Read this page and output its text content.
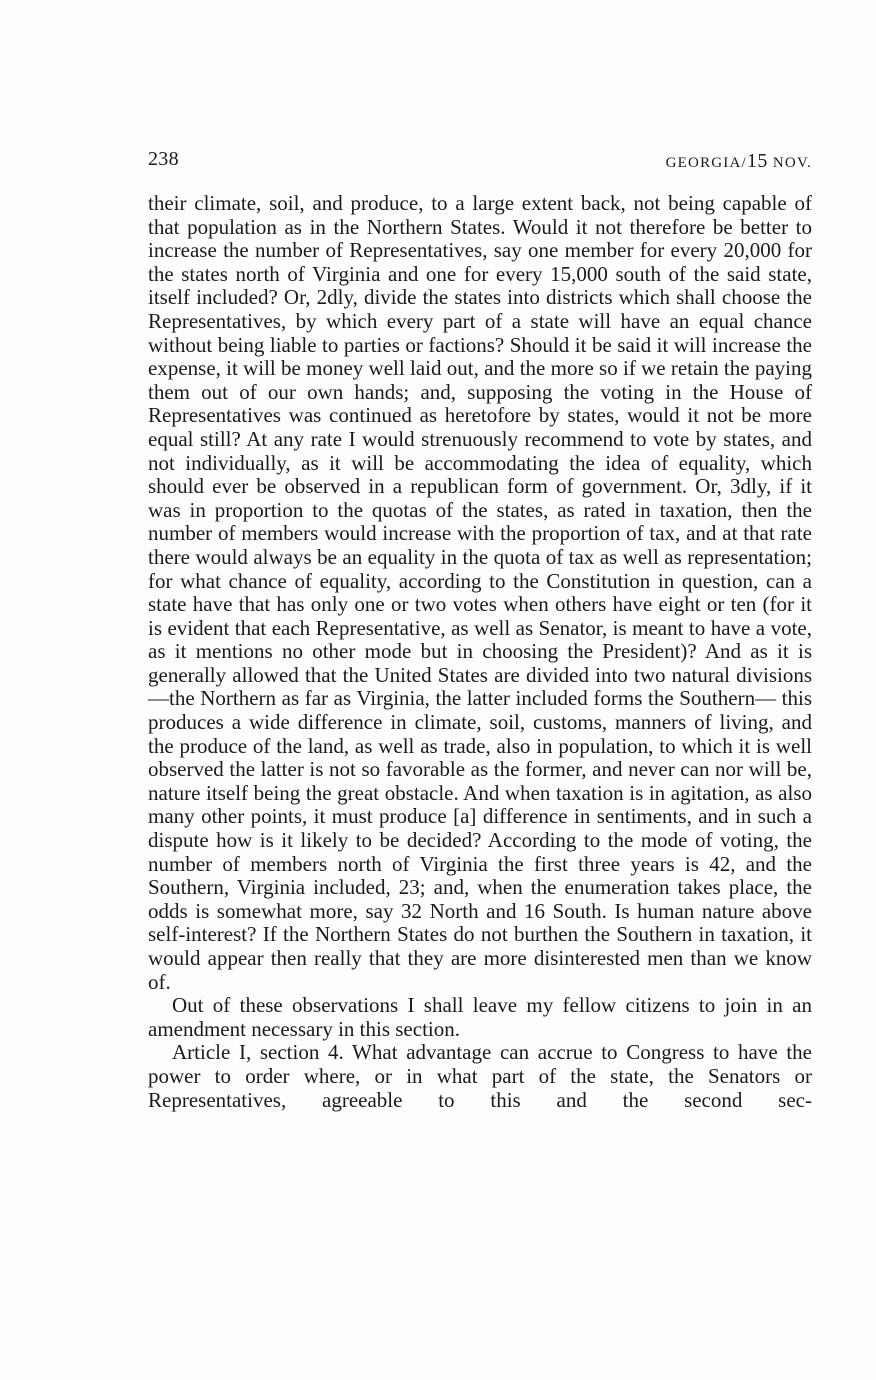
238	GEORGIA/15 NOV.

their climate, soil, and produce, to a large extent back, not being capable of that population as in the Northern States. Would it not therefore be better to increase the number of Representatives, say one member for every 20,000 for the states north of Virginia and one for every 15,000 south of the said state, itself included? Or, 2dly, divide the states into districts which shall choose the Representatives, by which every part of a state will have an equal chance without being liable to parties or factions? Should it be said it will increase the expense, it will be money well laid out, and the more so if we retain the paying them out of our own hands; and, supposing the voting in the House of Representatives was continued as heretofore by states, would it not be more equal still? At any rate I would strenuously recommend to vote by states, and not individually, as it will be accommodating the idea of equality, which should ever be observed in a republican form of government. Or, 3dly, if it was in proportion to the quotas of the states, as rated in taxation, then the number of members would increase with the proportion of tax, and at that rate there would always be an equality in the quota of tax as well as representation; for what chance of equality, according to the Constitution in question, can a state have that has only one or two votes when others have eight or ten (for it is evident that each Representative, as well as Senator, is meant to have a vote, as it mentions no other mode but in choosing the President)? And as it is generally allowed that the United States are divided into two natural divisions—the Northern as far as Virginia, the latter included forms the Southern— this produces a wide difference in climate, soil, customs, manners of living, and the produce of the land, as well as trade, also in population, to which it is well observed the latter is not so favorable as the former, and never can nor will be, nature itself being the great obstacle. And when taxation is in agitation, as also many other points, it must produce [a] difference in sentiments, and in such a dispute how is it likely to be decided? According to the mode of voting, the number of members north of Virginia the first three years is 42, and the Southern, Virginia included, 23; and, when the enumeration takes place, the odds is somewhat more, say 32 North and 16 South. Is human nature above self-interest? If the Northern States do not burthen the Southern in taxation, it would appear then really that they are more disinterested men than we know of.

Out of these observations I shall leave my fellow citizens to join in an amendment necessary in this section.

Article I, section 4. What advantage can accrue to Congress to have the power to order where, or in what part of the state, the Senators or Representatives, agreeable to this and the second sec-
